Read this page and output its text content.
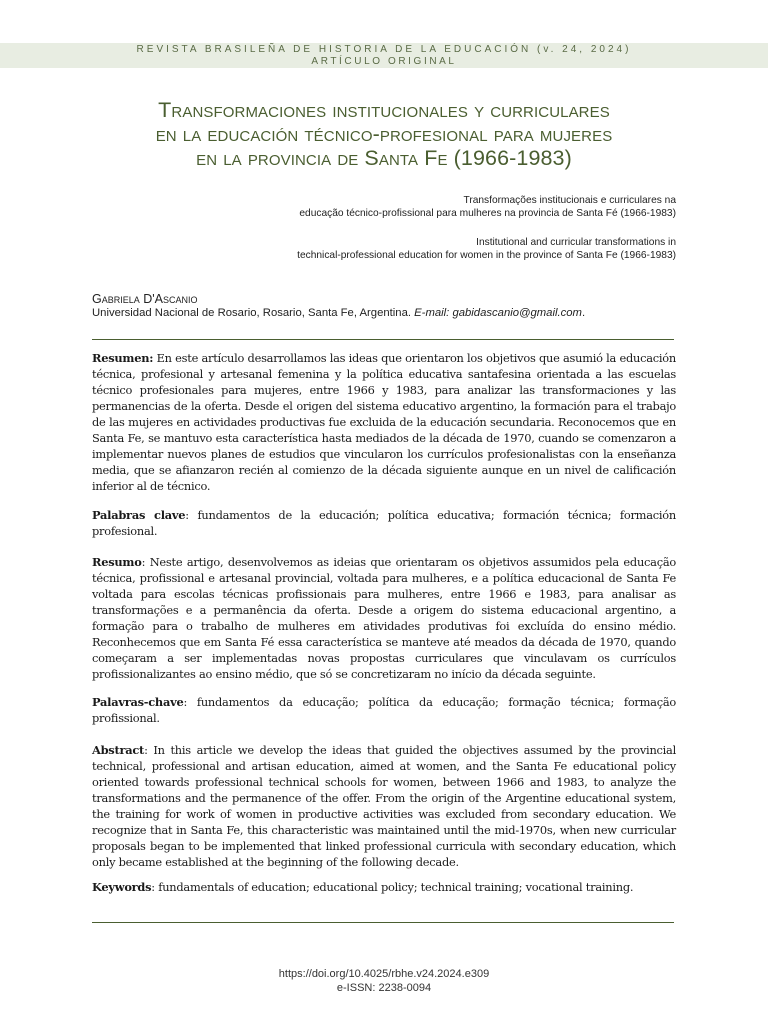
REVISTA BRASILEÑA DE HISTORIA DE LA EDUCACIÓN (v. 24, 2024)
ARTÍCULO ORIGINAL
Transformaciones institucionales y curriculares
en la educación técnico-profesional para mujeres
en la provincia de Santa Fe (1966-1983)
Transformações institucionais e curriculares na
educação técnico-profissional para mulheres na provincia de Santa Fé (1966-1983)
Institutional and curricular transformations in
technical-professional education for women in the province of Santa Fe (1966-1983)
Gabriela D'Ascanio
Universidad Nacional de Rosario, Rosario, Santa Fe, Argentina. E-mail: gabidascanio@gmail.com.
Resumen: En este artículo desarrollamos las ideas que orientaron los objetivos que asumió la educación técnica, profesional y artesanal femenina y la política educativa santafesina orientada a las escuelas técnico profesionales para mujeres, entre 1966 y 1983, para analizar las transformaciones y las permanencias de la oferta. Desde el origen del sistema educativo argentino, la formación para el trabajo de las mujeres en actividades productivas fue excluida de la educación secundaria. Reconocemos que en Santa Fe, se mantuvo esta característica hasta mediados de la década de 1970, cuando se comenzaron a implementar nuevos planes de estudios que vincularon los currículos profesionalistas con la enseñanza media, que se afianzaron recién al comienzo de la década siguiente aunque en un nivel de calificación inferior al de técnico.
Palabras clave: fundamentos de la educación; política educativa; formación técnica; formación profesional.
Resumo: Neste artigo, desenvolvemos as ideias que orientaram os objetivos assumidos pela educação técnica, profissional e artesanal provincial, voltada para mulheres, e a política educacional de Santa Fe voltada para escolas técnicas profissionais para mulheres, entre 1966 e 1983, para analisar as transformações e a permanência da oferta. Desde a origem do sistema educacional argentino, a formação para o trabalho de mulheres em atividades produtivas foi excluída do ensino médio. Reconhecemos que em Santa Fé essa característica se manteve até meados da década de 1970, quando começaram a ser implementadas novas propostas curriculares que vinculavam os currículos profissionalizantes ao ensino médio, que só se concretizaram no início da década seguinte.
Palavras-chave: fundamentos da educação; política da educação; formação técnica; formação profissional.
Abstract: In this article we develop the ideas that guided the objectives assumed by the provincial technical, professional and artisan education, aimed at women, and the Santa Fe educational policy oriented towards professional technical schools for women, between 1966 and 1983, to analyze the transformations and the permanence of the offer. From the origin of the Argentine educational system, the training for work of women in productive activities was excluded from secondary education. We recognize that in Santa Fe, this characteristic was maintained until the mid-1970s, when new curricular proposals began to be implemented that linked professional curricula with secondary education, which only became established at the beginning of the following decade.
Keywords: fundamentals of education; educational policy; technical training; vocational training.
https://doi.org/10.4025/rbhe.v24.2024.e309
e-ISSN: 2238-0094
